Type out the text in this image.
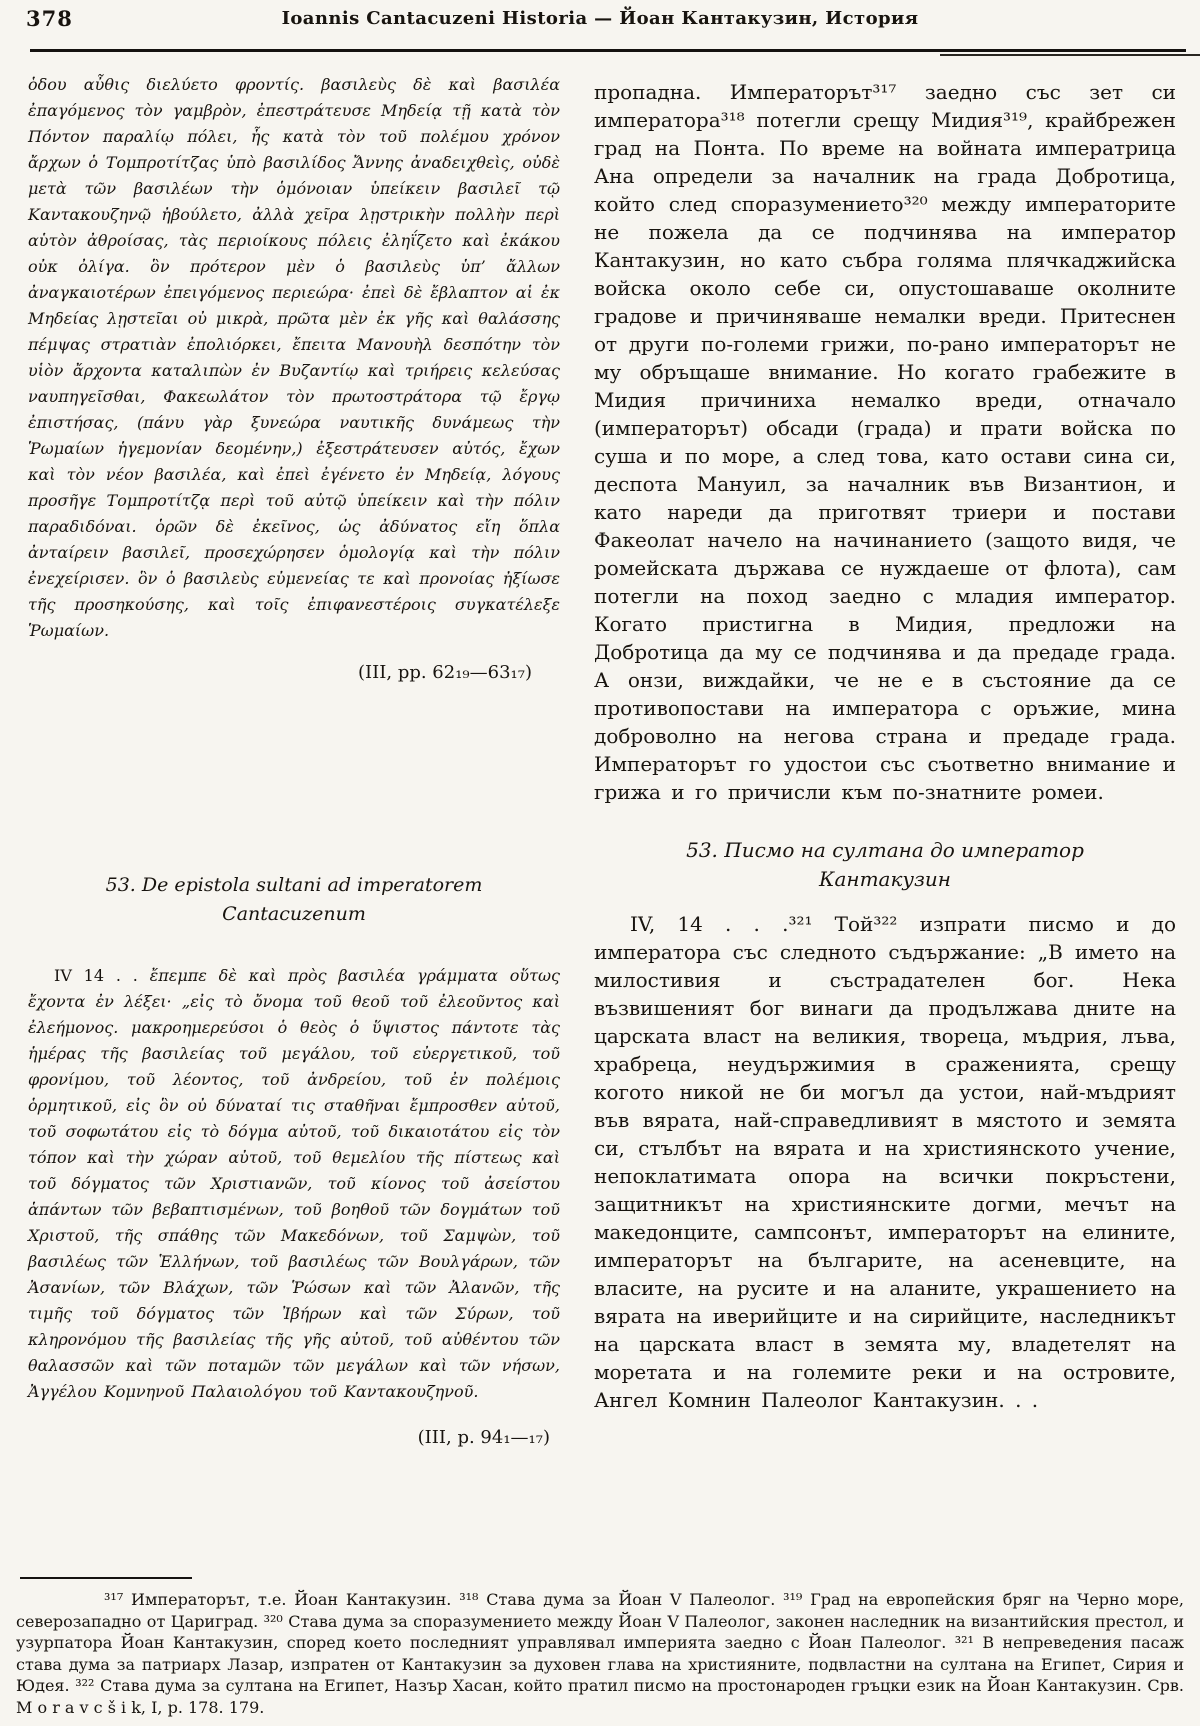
378	Ioannis Cantacuzeni Historia — Йоан Кантакузин, История

ὁδου αὖθις διελύετο φροντίς. βασιλεὺς δὲ καὶ βασιλέα ἐπαγόμενος τὸν γαμβρὸν, ἐπεστράτευσε Μηδείᾳ τῇ κατὰ τὸν Πόντον παραλίῳ πόλει, ἧς κατὰ τὸν τοῦ πολέμου χρόνον ἄρχων ὁ Τομπροτίτζας ὑπὸ βασιλίδος Ἄννης ἀναδειχθεὶς, οὐδὲ μετὰ τῶν βασιλέων τὴν ὁμόνοιαν ὑπείκειν βασιλεῖ τῷ Καντακουζηνῷ ἠβούλετο, ἀλλὰ χεῖρα λῃστρικὴν πολλὴν περὶ αὑτὸν ἀθροίσας, τὰς περιοίκους πόλεις ἐληΐζετο καὶ ἐκάκου οὐκ ὀλίγα. ὃν πρότερον μὲν ὁ βασιλεὺς ὑπ’ ἄλλων ἀναγκαιοτέρων ἐπειγόμενος περιεώρα· ἐπεὶ δὲ ἔβλαπτον αἱ ἐκ Μηδείας λῃστεῖαι οὐ μικρὰ, πρῶτα μὲν ἐκ γῆς καὶ θαλάσσης πέμψας στρατιὰν ἐπολιόρκει, ἔπειτα Μανουὴλ δεσπότην τὸν υἱὸν ἄρχοντα καταλιπὼν ἐν Βυζαντίῳ καὶ τριήρεις κελεύσας ναυπηγεῖσθαι, Φακεωλάτον τὸν πρωτοστράτορα τῷ ἔργῳ ἐπιστήσας, (πάνυ γὰρ ξυνεώρα ναυτικῆς δυνάμεως τὴν Ῥωμαίων ἡγεμονίαν δεομένην,) ἐξεστράτευσεν αὐτός, ἔχων καὶ τὸν νέον βασιλέα, καὶ ἐπεὶ ἐγένετο ἐν Μηδείᾳ, λόγους προσῆγε Τομπροτίτζᾳ περὶ τοῦ αὐτῷ ὑπείκειν καὶ τὴν πόλιν παραδιδόναι. ὁρῶν δὲ ἐκεῖνος, ὡς ἀδύνατος εἴη ὅπλα ἀνταίρειν βασιλεῖ, προσεχώρησεν ὁμολογίᾳ καὶ τὴν πόλιν ἐνεχείρισεν. ὃν ὁ βασιλεὺς εὐμενείας τε καὶ προνοίας ἠξίωσε τῆς προσηκούσης, καὶ τοῖς ἐπιφανεστέροις συγκατέλεξε Ῥωμαίων.

(III, pp. 62₁₉—63₁₇)

53. De epistola sultani ad imperatorem Cantacuzenum

IV 14 . . ἔπεμπε δὲ καὶ πρὸς βασιλέα γράμματα οὕτως ἔχοντα ἐν λέξει· „εἰς τὸ ὄνομα τοῦ θεοῦ τοῦ ἐλεοῦντος καὶ ἐλεήμονος. μακροημερεύσοι ὁ θεὸς ὁ ὕψιστος πάντοτε τὰς ἡμέρας τῆς βασιλείας τοῦ μεγάλου, τοῦ εὐεργετικοῦ, τοῦ φρονίμου, τοῦ λέοντος, τοῦ ἀνδρείου, τοῦ ἐν πολέμοις ὁρμητικοῦ, εἰς ὃν οὐ δύναταί τις σταθῆναι ἔμπροσθεν αὐτοῦ, τοῦ σοφωτάτου εἰς τὸ δόγμα αὐτοῦ, τοῦ δικαιοτάτου εἰς τὸν τόπον καὶ τὴν χώραν αὐτοῦ, τοῦ θεμελίου τῆς πίστεως καὶ τοῦ δόγματος τῶν Χριστιανῶν, τοῦ κίονος τοῦ ἀσείστου ἁπάντων τῶν βεβαπτισμένων, τοῦ βοηθοῦ τῶν δογμάτων τοῦ Χριστοῦ, τῆς σπάθης τῶν Μακεδόνων, τοῦ Σαμψὼν, τοῦ βασιλέως τῶν Ἑλλήνων, τοῦ βασιλέως τῶν Βουλγάρων, τῶν Ἀσανίων, τῶν Βλάχων, τῶν Ῥώσων καὶ τῶν Ἀλανῶν, τῆς τιμῆς τοῦ δόγματος τῶν Ἰβήρων καὶ τῶν Σύρων, τοῦ κληρονόμου τῆς βασιλείας τῆς γῆς αὐτοῦ, τοῦ αὐθέντου τῶν θαλασσῶν καὶ τῶν ποταμῶν τῶν μεγάλων καὶ τῶν νήσων, Ἀγγέλου Κομνηνοῦ Παλαιολόγου τοῦ Καντακουζηνοῦ.

(III, p. 94₁—₁₇)

пропадна. Императорът³¹⁷ заедно със зет си императора³¹⁸ потегли срещу Мидия³¹⁹, крайбрежен град на Понта. По време на войната императрица Ана определи за началник на града Добротица, който след споразумението³²⁰ между императорите не пожела да се подчинява на император Кантакузин, но като събра голяма плячкаджийска войска около себе си, опустошаваше околните градове и причиняваше немалки вреди. Притеснен от други по-големи грижи, по-рано императорът не му обръщаше внимание. Но когато грабежите в Мидия причиниха немалко вреди, отначало (императорът) обсади (града) и прати войска по суша и по море, а след това, като остави сина си, деспота Мануил, за началник във Византион, и като нареди да приготвят триери и постави Факеолат начело на начинанието (защото видя, че ромейската държава се нуждаеше от флота), сам потегли на поход заедно с младия император. Когато пристигна в Мидия, предложи на Добротица да му се подчинява и да предаде града. А онзи, виждайки, че не е в състояние да се противопостави на императора с оръжие, мина доброволно на негова страна и предаде града. Императорът го удостои със съответно внимание и грижа и го причисли към по-знатните ромеи.

53. Писмо на султана до император Кантакузин

IV, 14 . . .³²¹ Той³²² изпрати писмо и до императора със следното съдържание: „В името на милостивия и състрадателен бог. Нека възвишеният бог винаги да продължава дните на царската власт на великия, твореца, мъдрия, лъва, храбреца, неудържимия в сраженията, срещу когото никой не би могъл да устои, най-мъдрият във вярата, най-справедливият в мястото и земята си, стълбът на вярата и на християнското учение, непоклатимата опора на всички покръстени, защитникът на християнските догми, мечът на македонците, сампсонът, императорът на елините, императорът на българите, на асеневците, на власите, на русите и на аланите, украшението на вярата на иверийците и на сирийците, наследникът на царската власт в земята му, владетелят на моретата и на големите реки и на островите, Ангел Комнин Палеолог Кантакузин. . .

³¹⁷ Императорът, т.е. Йоан Кантакузин. ³¹⁸ Става дума за Йоан V Палеолог. ³¹⁹ Град на европейския бряг на Черно море, северозападно от Цариград. ³²⁰ Става дума за споразумението между Йоан V Палеолог, законен наследник на византийския престол, и узурпатора Йоан Кантакузин, според което последният управлявал империята заедно с Йоан Палеолог. ³²¹ В непреведения пасаж става дума за патриарх Лазар, изпратен от Кантакузин за духовен глава на християните, подвластни на султана на Египет, Сирия и Юдея. ³²² Става дума за султана на Египет, Назър Хасан, който пратил писмо на простонароден гръцки език на Йоан Кантакузин. Срв. M o r a v c š i k, I, p. 178. 179.
